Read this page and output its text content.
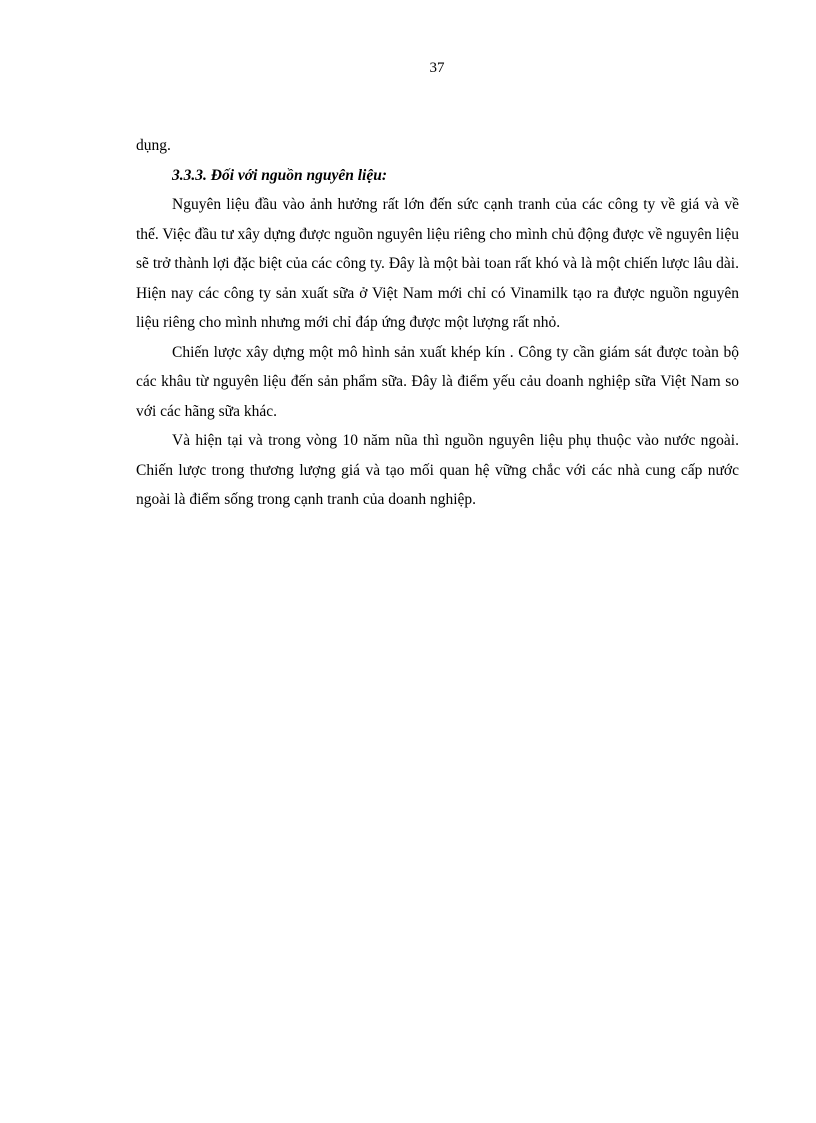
37

dụng.

3.3.3. Đối với nguồn nguyên liệu:

Nguyên liệu đầu vào ảnh hưởng rất lớn đến sức cạnh tranh của các công ty về giá và về thế. Việc đầu tư xây dựng được nguồn nguyên liệu riêng cho mình chủ động được về nguyên liệu sẽ trở thành lợi đặc biệt của các công ty. Đây là một bài toan rất khó và là một chiến lược lâu dài. Hiện nay các công ty sản xuất sữa ở Việt Nam mới chỉ có Vinamilk tạo ra được nguồn nguyên liệu riêng cho mình nhưng mới chỉ đáp ứng được một lượng rất nhỏ.

Chiến lược xây dựng một mô hình sản xuất khép kín . Công ty cần giám sát được toàn bộ các khâu từ nguyên liệu đến sản phẩm sữa. Đây là điểm yếu cảu doanh nghiệp sữa Việt Nam so với các hãng sữa khác.

Và hiện tại và trong vòng 10 năm nũa thì nguồn nguyên liệu phụ thuộc vào nước ngoài. Chiến lược trong thương lượng giá và tạo mối quan hệ vững chắc với các nhà cung cấp nước ngoài là điểm sống trong cạnh tranh của doanh nghiệp.
